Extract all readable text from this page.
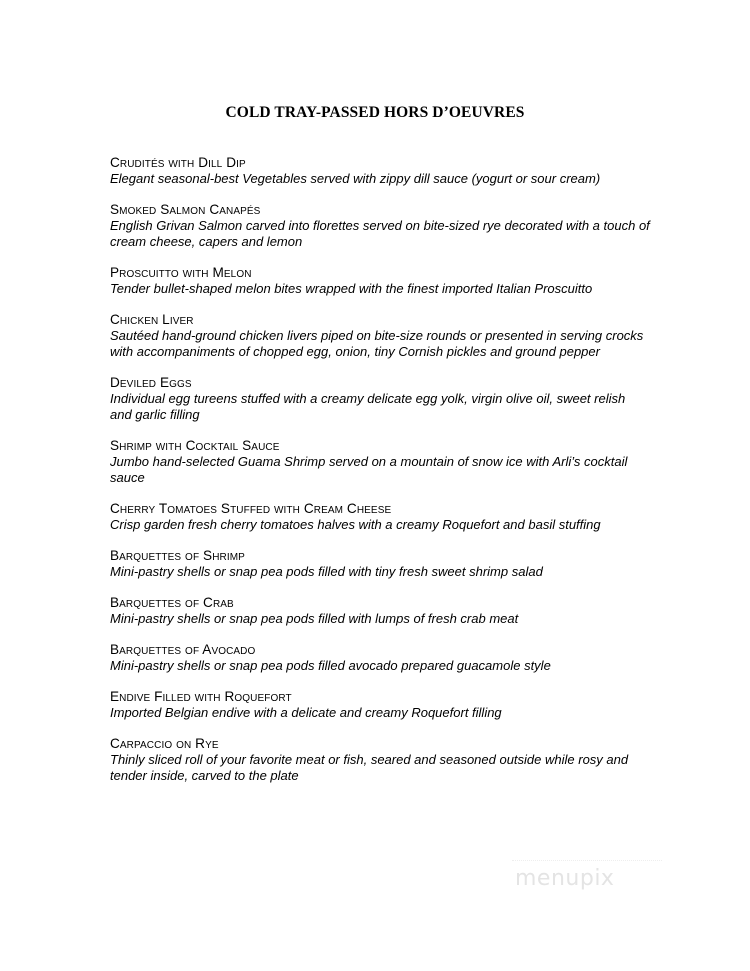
COLD TRAY-PASSED HORS D’OEUVRES
Crudités with Dill Dip
Elegant seasonal-best Vegetables served with zippy dill sauce (yogurt or sour cream)
Smoked Salmon Canapés
English Grivan Salmon carved into florettes served on bite-sized rye decorated with a touch of cream cheese, capers and lemon
Proscuitto with Melon
Tender bullet-shaped melon bites wrapped with the finest imported Italian Proscuitto
Chicken Liver
Sautéed hand-ground chicken livers piped on bite-size rounds or presented in serving crocks with accompaniments of chopped egg, onion, tiny Cornish pickles and ground pepper
Deviled Eggs
Individual egg tureens stuffed with a creamy delicate egg yolk, virgin olive oil, sweet relish and garlic filling
Shrimp with Cocktail Sauce
Jumbo hand-selected Guama Shrimp served on a mountain of snow ice with Arli’s cocktail sauce
Cherry Tomatoes Stuffed with Cream Cheese
Crisp garden fresh cherry tomatoes halves with a creamy Roquefort and basil stuffing
Barquettes of Shrimp
Mini-pastry shells or snap pea pods filled with tiny fresh sweet shrimp salad
Barquettes of Crab
Mini-pastry shells or snap pea pods filled with lumps of fresh crab meat
Barquettes of Avocado
Mini-pastry shells or snap pea pods filled avocado prepared guacamole style
Endive Filled with Roquefort
Imported Belgian endive with a delicate and creamy Roquefort filling
Carpaccio on Rye
Thinly sliced roll of your favorite meat or fish, seared and seasoned outside while rosy and tender inside, carved to the plate
menupix
